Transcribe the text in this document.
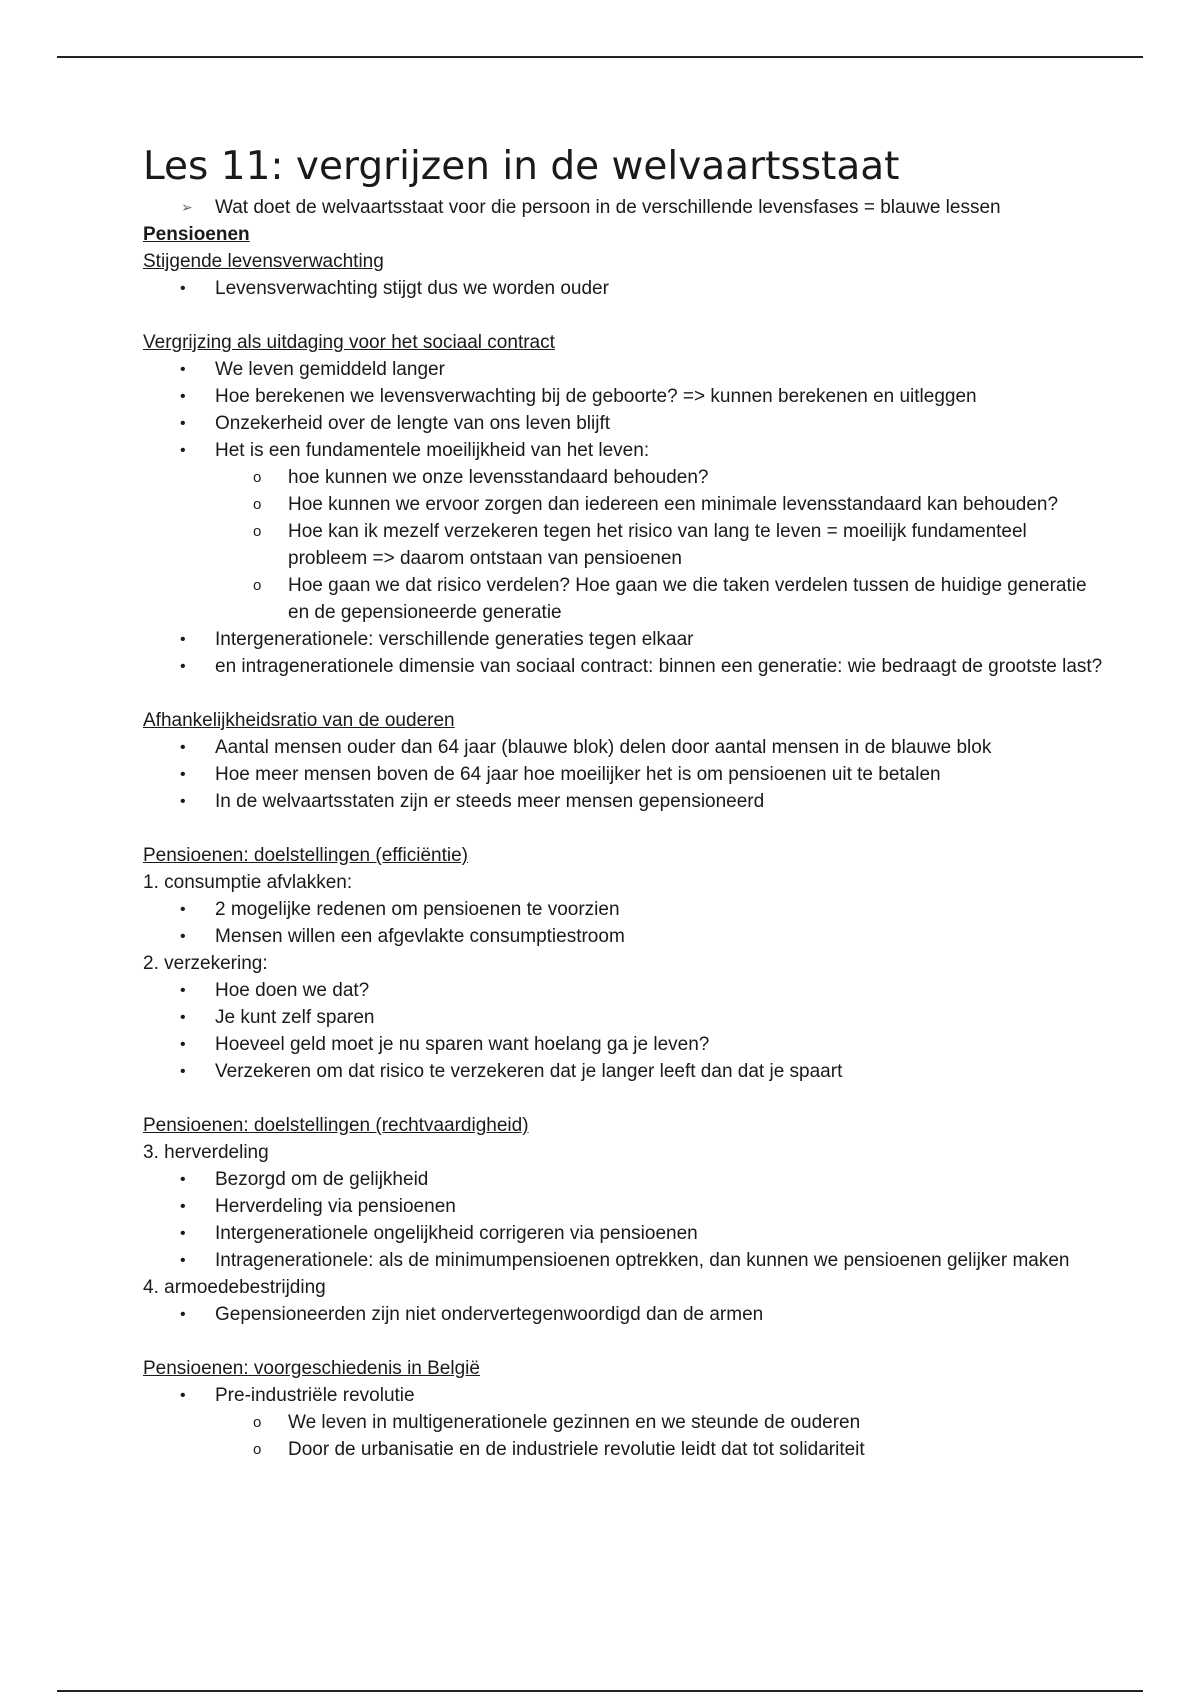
Les 11: vergrijzen in de welvaartsstaat
➢ Wat doet de welvaartsstaat voor die persoon in de verschillende levensfases = blauwe lessen

Pensioenen

Stijgende levensverwachting

• Levensverwachting stijgt dus we worden ouder

Vergrijzing als uitdaging voor het sociaal contract

• We leven gemiddeld langer
• Hoe berekenen we levensverwachting bij de geboorte? => kunnen berekenen en uitleggen
• Onzekerheid over de lengte van ons leven blijft
• Het is een fundamentele moeilijkheid van het leven:
o hoe kunnen we onze levensstandaard behouden?
o Hoe kunnen we ervoor zorgen dan iedereen een minimale levensstandaard kan behouden?
o Hoe kan ik mezelf verzekeren tegen het risico van lang te leven = moeilijk fundamenteel probleem => daarom ontstaan van pensioenen
o Hoe gaan we dat risico verdelen? Hoe gaan we die taken verdelen tussen de huidige generatie en de gepensioneerde generatie
• Intergenerationele: verschillende generaties tegen elkaar
• en intragenerationele dimensie van sociaal contract: binnen een generatie: wie bedraagt de grootste last?

Afhankelijkheidsratio van de ouderen

• Aantal mensen ouder dan 64 jaar (blauwe blok) delen door aantal mensen in de blauwe blok
• Hoe meer mensen boven de 64 jaar hoe moeilijker het is om pensioenen uit te betalen
• In de welvaartsstaten zijn er steeds meer mensen gepensioneerd

Pensioenen: doelstellingen (efficiëntie)

1. consumptie afvlakken:

• 2 mogelijke redenen om pensioenen te voorzien
• Mensen willen een afgevlakte consumptiestroom

2. verzekering:

• Hoe doen we dat?
• Je kunt zelf sparen
• Hoeveel geld moet je nu sparen want hoelang ga je leven?
• Verzekeren om dat risico te verzekeren dat je langer leeft dan dat je spaart

Pensioenen: doelstellingen (rechtvaardigheid)

3. herverdeling

• Bezorgd om de gelijkheid
• Herverdeling via pensioenen
• Intergenerationele ongelijkheid corrigeren via pensioenen
• Intragenerationele: als de minimumpensioenen optrekken, dan kunnen we pensioenen gelijker maken

4. armoedebestrijding

• Gepensioneerden zijn niet ondervertegenwoordigd dan de armen

Pensioenen: voorgeschiedenis in België

• Pre-industriële revolutie
o We leven in multigenerationele gezinnen en we steunde de ouderen
o Door de urbanisatie en de industriele revolutie leidt dat tot solidariteit
